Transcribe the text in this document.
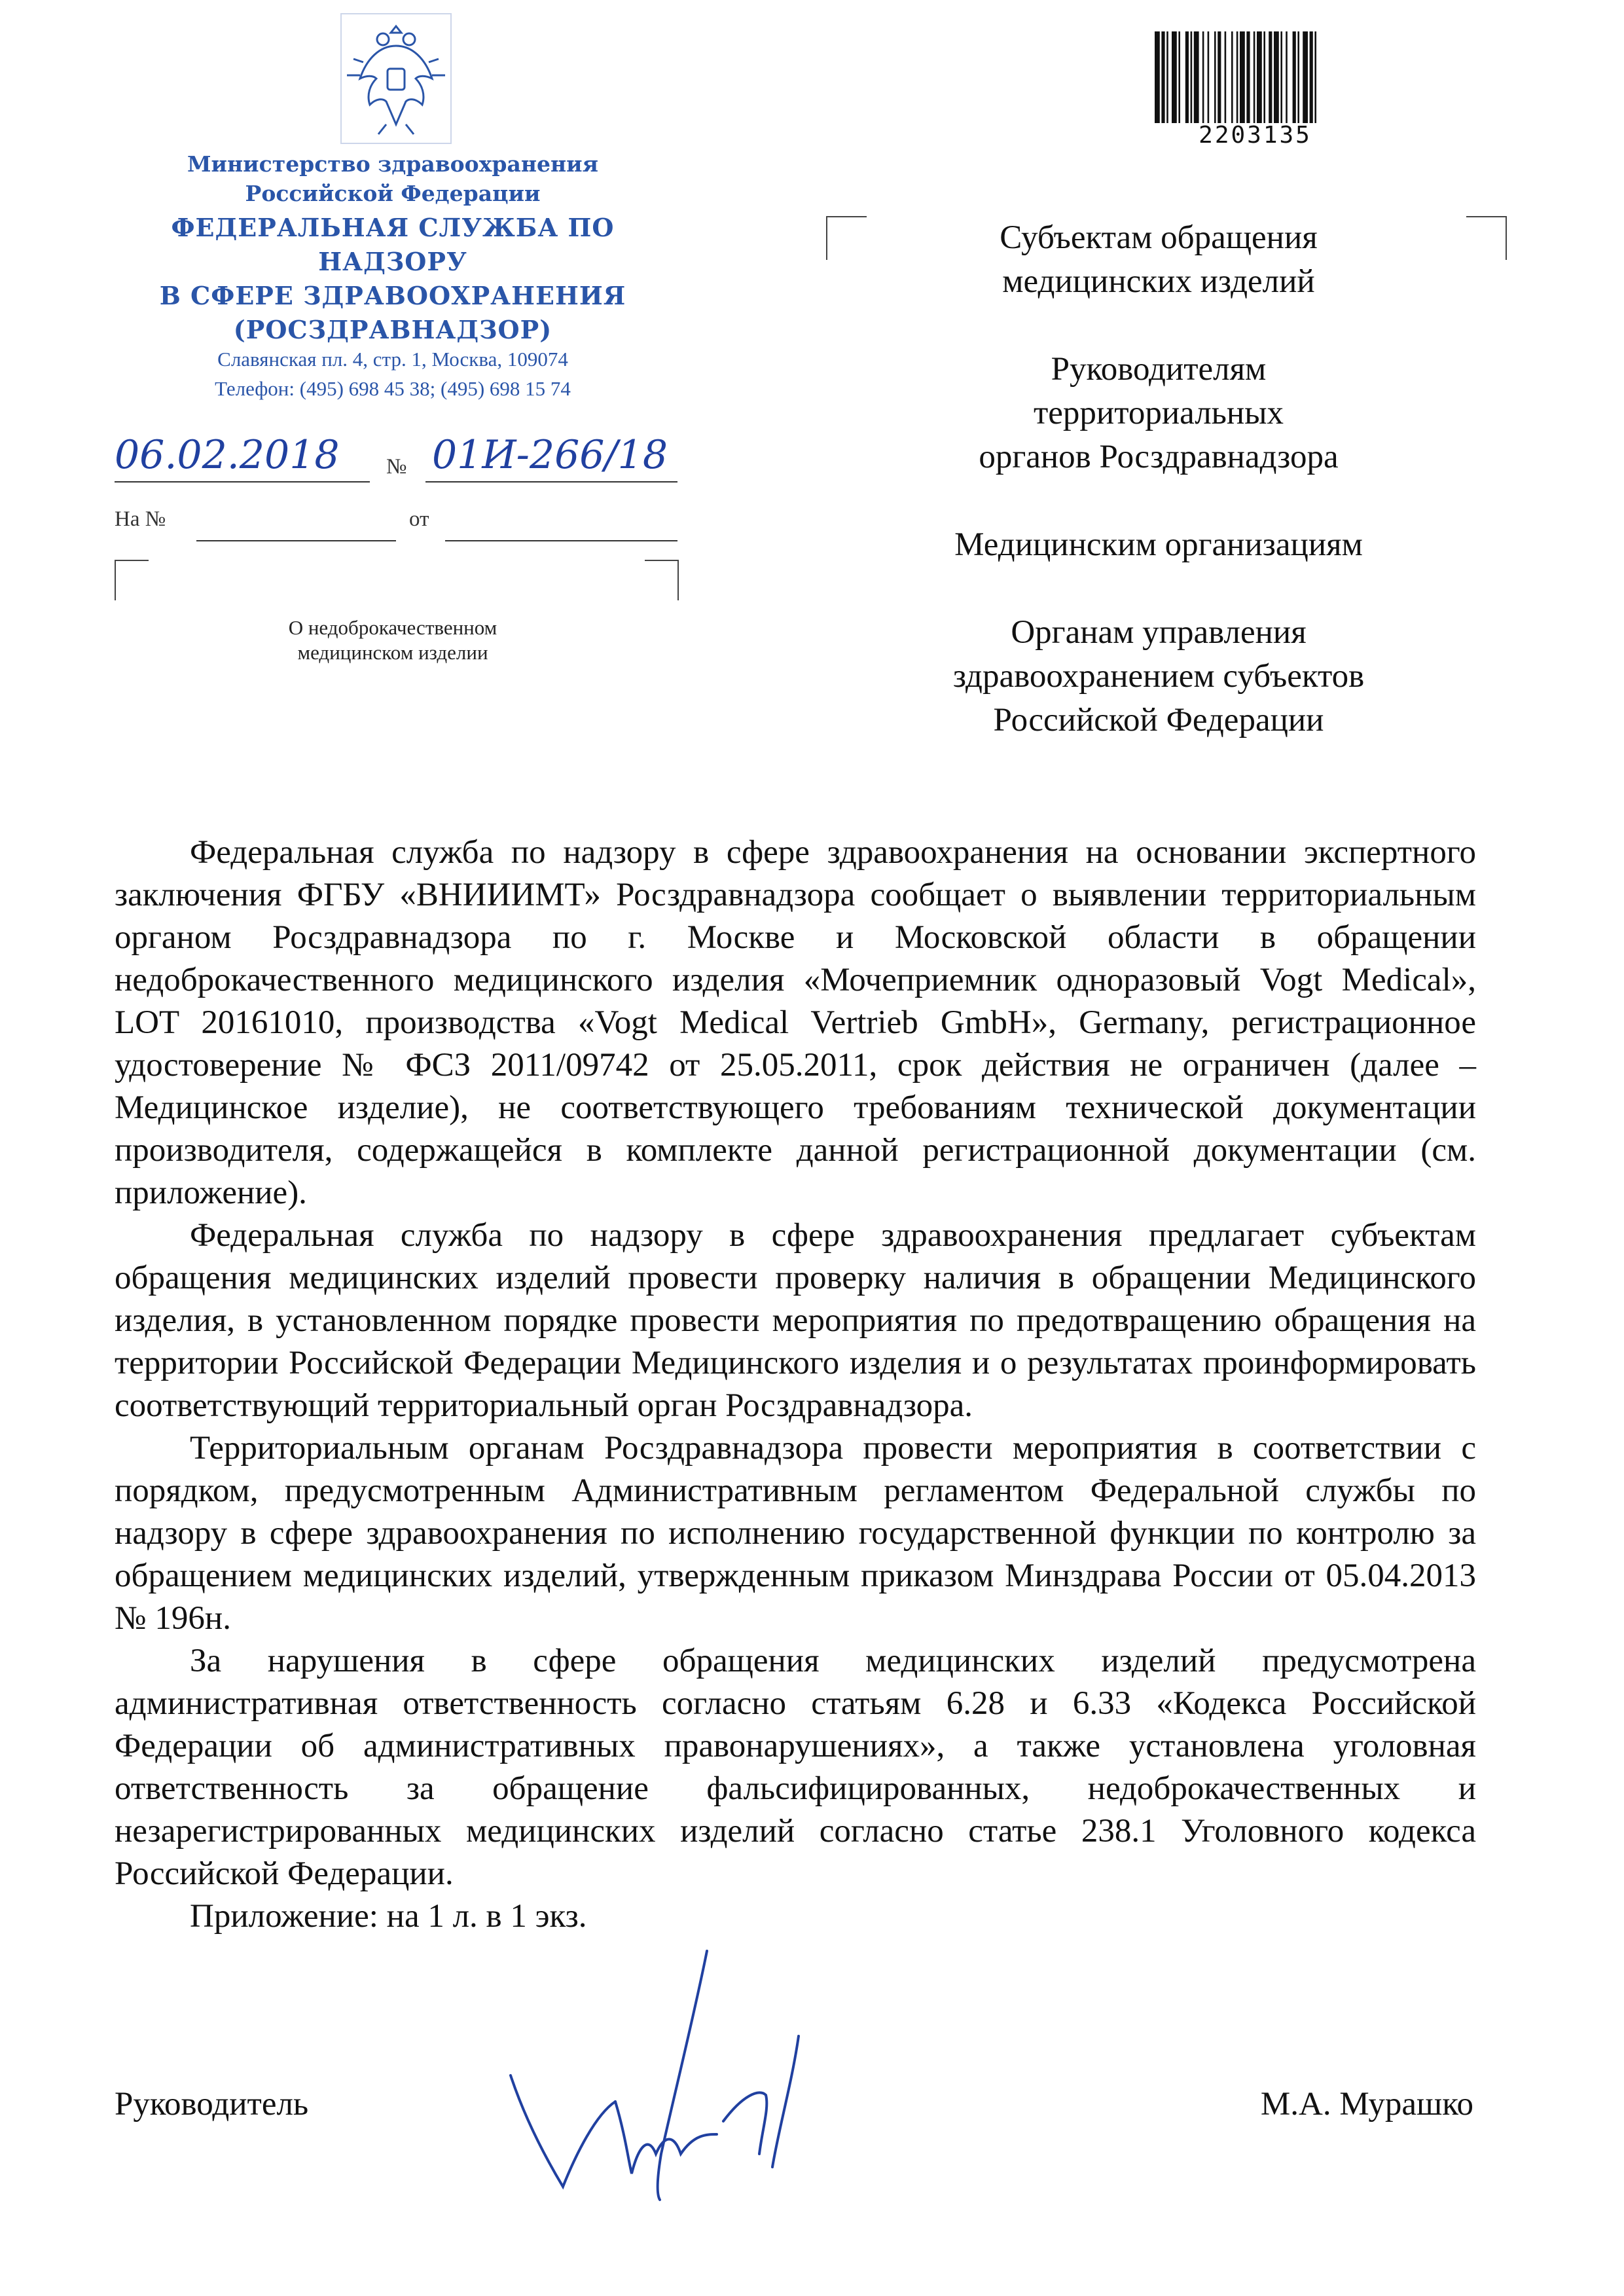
Министерство здравоохранения
Российской Федерации
ФЕДЕРАЛЬНАЯ СЛУЖБА ПО НАДЗОРУ
В СФЕРЕ ЗДРАВООХРАНЕНИЯ
(РОСЗДРАВНАДЗОР)
Славянская пл. 4, стр. 1, Москва, 109074
Телефон: (495) 698 45 38; (495) 698 15 74
06.02.2018 № 01И-266/18
На №	от
О недоброкачественном
медицинском изделии
2203135
Субъектам обращения
медицинских изделий
Руководителям
территориальных
органов Росздравнадзора
Медицинским организациям
Органам управления
здравоохранением субъектов
Российской Федерации

Федеральная служба по надзору в сфере здравоохранения на основании экспертного заключения ФГБУ «ВНИИИМТ» Росздравнадзора сообщает о выявлении территориальным органом Росздравнадзора по г. Москве и Московской области в обращении недоброкачественного медицинского изделия «Мочеприемник одноразовый Vogt Medical», LOT 20161010, производства «Vogt Medical Vertrieb GmbH», Germany, регистрационное удостоверение № ФСЗ 2011/09742 от 25.05.2011, срок действия не ограничен (далее – Медицинское изделие), не соответствующего требованиям технической документации производителя, содержащейся в комплекте данной регистрационной документации (см. приложение).

Федеральная служба по надзору в сфере здравоохранения предлагает субъектам обращения медицинских изделий провести проверку наличия в обращении Медицинского изделия, в установленном порядке провести мероприятия по предотвращению обращения на территории Российской Федерации Медицинского изделия и о результатах проинформировать соответствующий территориальный орган Росздравнадзора.

Территориальным органам Росздравнадзора провести мероприятия в соответствии с порядком, предусмотренным Административным регламентом Федеральной службы по надзору в сфере здравоохранения по исполнению государственной функции по контролю за обращением медицинских изделий, утвержденным приказом Минздрава России от 05.04.2013 № 196н.

За нарушения в сфере обращения медицинских изделий предусмотрена административная ответственность согласно статьям 6.28 и 6.33 «Кодекса Российской Федерации об административных правонарушениях», а также установлена уголовная ответственность за обращение фальсифицированных, недоброкачественных и незарегистрированных медицинских изделий согласно статье 238.1 Уголовного кодекса Российской Федерации.

Приложение: на 1 л. в 1 экз.

Руководитель	М.А. Мурашко
